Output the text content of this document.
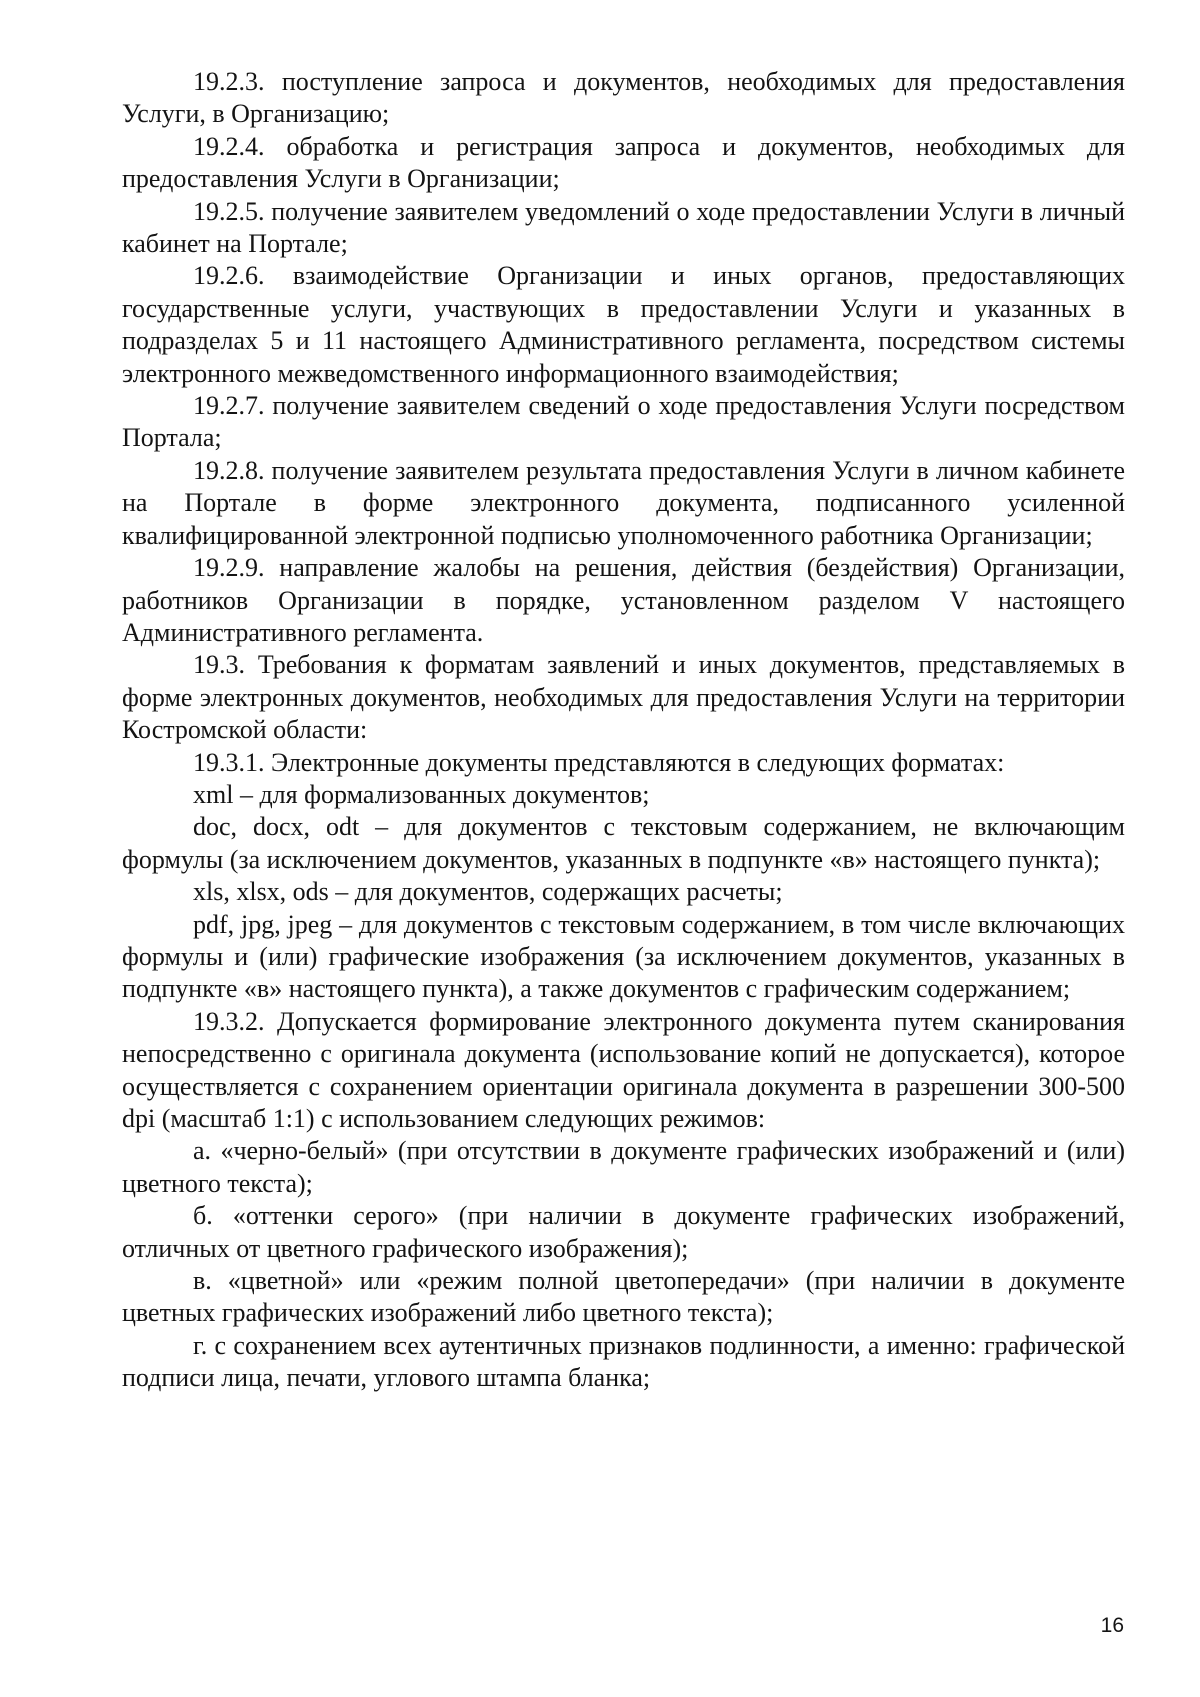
19.2.3. поступление запроса и документов, необходимых для предоставления Услуги, в Организацию;

19.2.4. обработка и регистрация запроса и документов, необходимых для предоставления Услуги в Организации;

19.2.5. получение заявителем уведомлений о ходе предоставлении Услуги в личный кабинет на Портале;

19.2.6. взаимодействие Организации и иных органов, предоставляющих государственные услуги, участвующих в предоставлении Услуги и указанных в подразделах 5 и 11 настоящего Административного регламента, посредством системы электронного межведомственного информационного взаимодействия;

19.2.7. получение заявителем сведений о ходе предоставления Услуги посредством Портала;

19.2.8. получение заявителем результата предоставления Услуги в личном кабинете на Портале в форме электронного документа, подписанного усиленной квалифицированной электронной подписью уполномоченного работника Организации;

19.2.9. направление жалобы на решения, действия (бездействия) Организации, работников Организации в порядке, установленном разделом V настоящего Административного регламента.

19.3. Требования к форматам заявлений и иных документов, представляемых в форме электронных документов, необходимых для предоставления Услуги на территории Костромской области:

19.3.1. Электронные документы представляются в следующих форматах:

xml – для формализованных документов;

doc, docx, odt – для документов с текстовым содержанием, не включающим формулы (за исключением документов, указанных в подпункте «в» настоящего пункта);

xls, xlsx, ods – для документов, содержащих расчеты;

pdf, jpg, jpeg – для документов с текстовым содержанием, в том числе включающих формулы и (или) графические изображения (за исключением документов, указанных в подпункте «в» настоящего пункта), а также документов с графическим содержанием;

19.3.2. Допускается формирование электронного документа путем сканирования непосредственно с оригинала документа (использование копий не допускается), которое осуществляется с сохранением ориентации оригинала документа в разрешении 300-500 dpi (масштаб 1:1) с использованием следующих режимов:

а. «черно-белый» (при отсутствии в документе графических изображений и (или) цветного текста);

б. «оттенки серого» (при наличии в документе графических изображений, отличных от цветного графического изображения);

в. «цветной» или «режим полной цветопередачи» (при наличии в документе цветных графических изображений либо цветного текста);

г. с сохранением всех аутентичных признаков подлинности, а именно: графической подписи лица, печати, углового штампа бланка;

16
